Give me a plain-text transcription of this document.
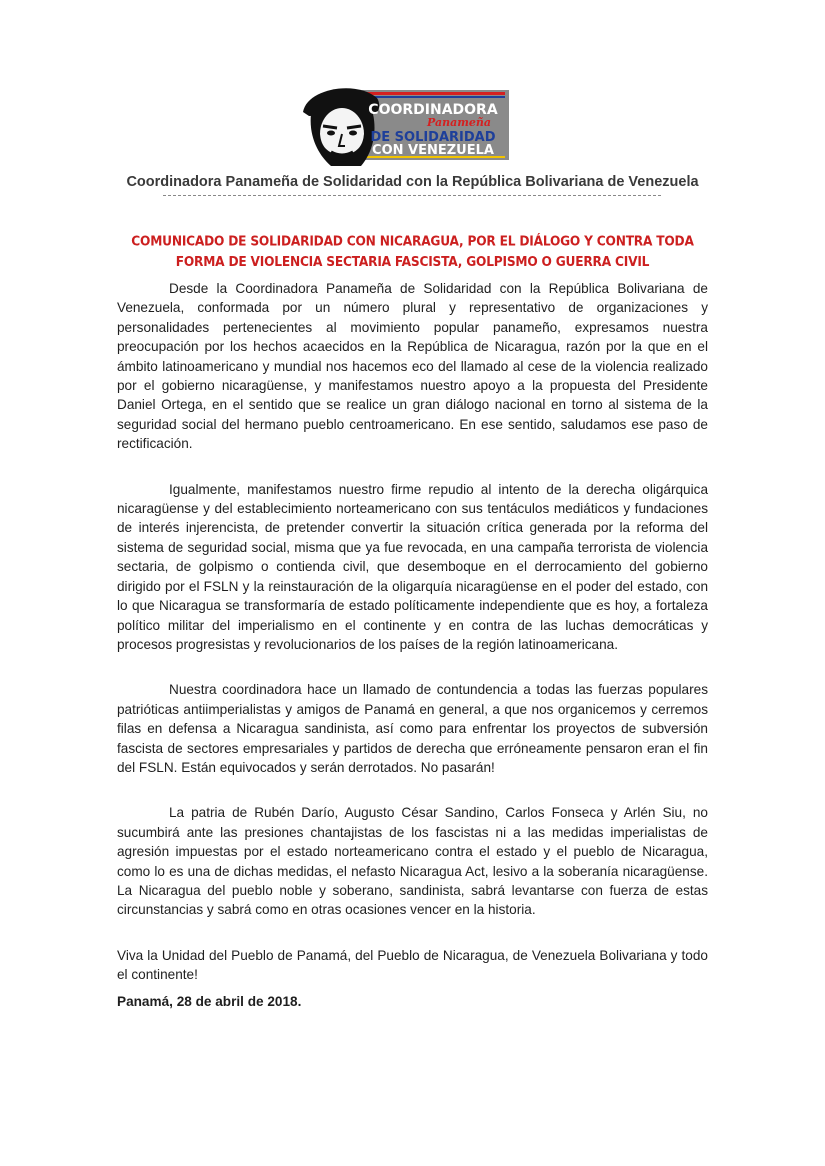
COORDINADORA
Panameña
DE SOLIDARIDAD
CON VENEZUELA
Coordinadora Panameña de Solidaridad con la República Bolivariana de Venezuela
COMUNICADO DE SOLIDARIDAD CON NICARAGUA, POR EL DIÁLOGO Y CONTRA TODA FORMA DE VIOLENCIA SECTARIA FASCISTA, GOLPISMO O GUERRA CIVIL

Desde la Coordinadora Panameña de Solidaridad con la República Bolivariana de Venezuela, conformada por un número plural y representativo de organizaciones y personalidades pertenecientes al movimiento popular panameño, expresamos nuestra preocupación por los hechos acaecidos en la República de Nicaragua, razón por la que en el ámbito latinoamericano y mundial nos hacemos eco del llamado al cese de la violencia realizado por el gobierno nicaragüense, y manifestamos nuestro apoyo a la propuesta del Presidente Daniel Ortega, en el sentido que se realice un gran diálogo nacional en torno al sistema de la seguridad social del hermano pueblo centroamericano. En ese sentido, saludamos ese paso de rectificación.

Igualmente, manifestamos nuestro firme repudio al intento de la derecha oligárquica nicaragüense y del establecimiento norteamericano con sus tentáculos mediáticos y fundaciones de interés injerencista, de pretender convertir la situación crítica generada por la reforma del sistema de seguridad social, misma que ya fue revocada, en una campaña terrorista de violencia sectaria, de golpismo o contienda civil, que desemboque en el derrocamiento del gobierno dirigido por el FSLN y la reinstauración de la oligarquía nicaragüense en el poder del estado, con lo que Nicaragua se transformaría de estado políticamente independiente que es hoy, a fortaleza político militar del imperialismo en el continente y en contra de las luchas democráticas y procesos progresistas y revolucionarios de los países de la región latinoamericana.

Nuestra coordinadora hace un llamado de contundencia a todas las fuerzas populares patrióticas antiimperialistas y amigos de Panamá en general, a que nos organicemos y cerremos filas en defensa a Nicaragua sandinista, así como para enfrentar los proyectos de subversión fascista de sectores empresariales y partidos de derecha que erróneamente pensaron eran el fin del FSLN. Están equivocados y serán derrotados. No pasarán!

La patria de Rubén Darío, Augusto César Sandino, Carlos Fonseca y Arlén Siu, no sucumbirá ante las presiones chantajistas de los fascistas ni a las medidas imperialistas de agresión impuestas por el estado norteamericano contra el estado y el pueblo de Nicaragua, como lo es una de dichas medidas, el nefasto Nicaragua Act, lesivo a la soberanía nicaragüense. La Nicaragua del pueblo noble y soberano, sandinista, sabrá levantarse con fuerza de estas circunstancias y sabrá como en otras ocasiones vencer en la historia.

Viva la Unidad del Pueblo de Panamá, del Pueblo de Nicaragua, de Venezuela Bolivariana y todo el continente!

Panamá, 28 de abril de 2018.
